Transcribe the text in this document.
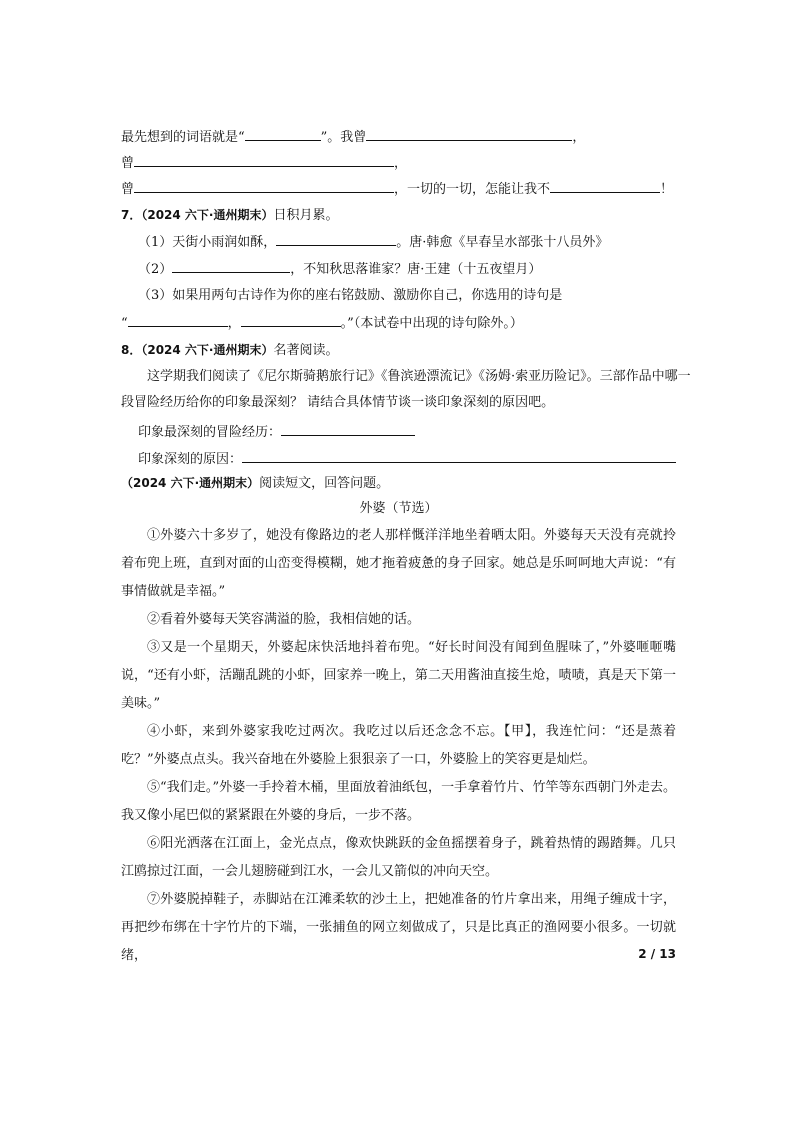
最先想到的词语就是“	”。我曾	，
曾	，
曾	，一切的一切，怎能让我不	！
7．（2024 六下·通州期末）日积月累。
（1）天街小雨润如酥，	。唐·韩愈《早春呈水部张十八员外》
（2）	，不知秋思落谁家？唐·王建（十五夜望月）
（3）如果用两句古诗作为你的座右铭鼓励、激励你自己，你选用的诗句是
“	，	。”（本试卷中出现的诗句除外。）
8．（2024 六下·通州期末）名著阅读。
这学期我们阅读了《尼尔斯骑鹅旅行记》《鲁滨逊漂流记》《汤姆·索亚历险记》。三部作品中哪一
段冒险经历给你的印象最深刻？ 请结合具体情节谈一谈印象深刻的原因吧。
印象最深刻的冒险经历：
印象深刻的原因：
（2024 六下·通州期末）阅读短文，回答问题。
外婆（节选）

①外婆六十多岁了，她没有像路边的老人那样慨洋洋地坐着晒太阳。外婆每天天没有亮就拎着布兜上班，直到对面的山峦变得模糊，她才拖着疲惫的身子回家。她总是乐呵呵地大声说：“有事情做就是幸福。”

②看着外婆每天笑容满溢的脸，我相信她的话。

③又是一个星期天，外婆起床快活地抖着布兜。“好长时间没有闻到鱼腥味了，”外婆咂咂嘴说，“还有小虾，活蹦乱跳的小虾，回家养一晚上，第二天用酱油直接生炝，啧啧，真是天下第一美味。”

④小虾，来到外婆家我吃过两次。我吃过以后还念念不忘。【甲】，我连忙问：“还是蒸着吃？”外婆点点头。我兴奋地在外婆脸上狠狠亲了一口，外婆脸上的笑容更是灿烂。

⑤“我们走。”外婆一手拎着木桶，里面放着油纸包，一手拿着竹片、竹竿等东西朝门外走去。我又像小尾巴似的紧紧跟在外婆的身后，一步不落。

⑥阳光洒落在江面上，金光点点，像欢快跳跃的金鱼摇摆着身子，跳着热情的踢踏舞。几只江鸥掠过江面，一会儿翅膀碰到江水，一会儿又箭似的冲向天空。

⑦外婆脱掉鞋子，赤脚站在江滩柔软的沙土上，把她准备的竹片拿出来，用绳子缠成十字，再把纱布绑在十字竹片的下端，一张捕鱼的网立刻做成了，只是比真正的渔网要小很多。一切就绪，	2 / 13
